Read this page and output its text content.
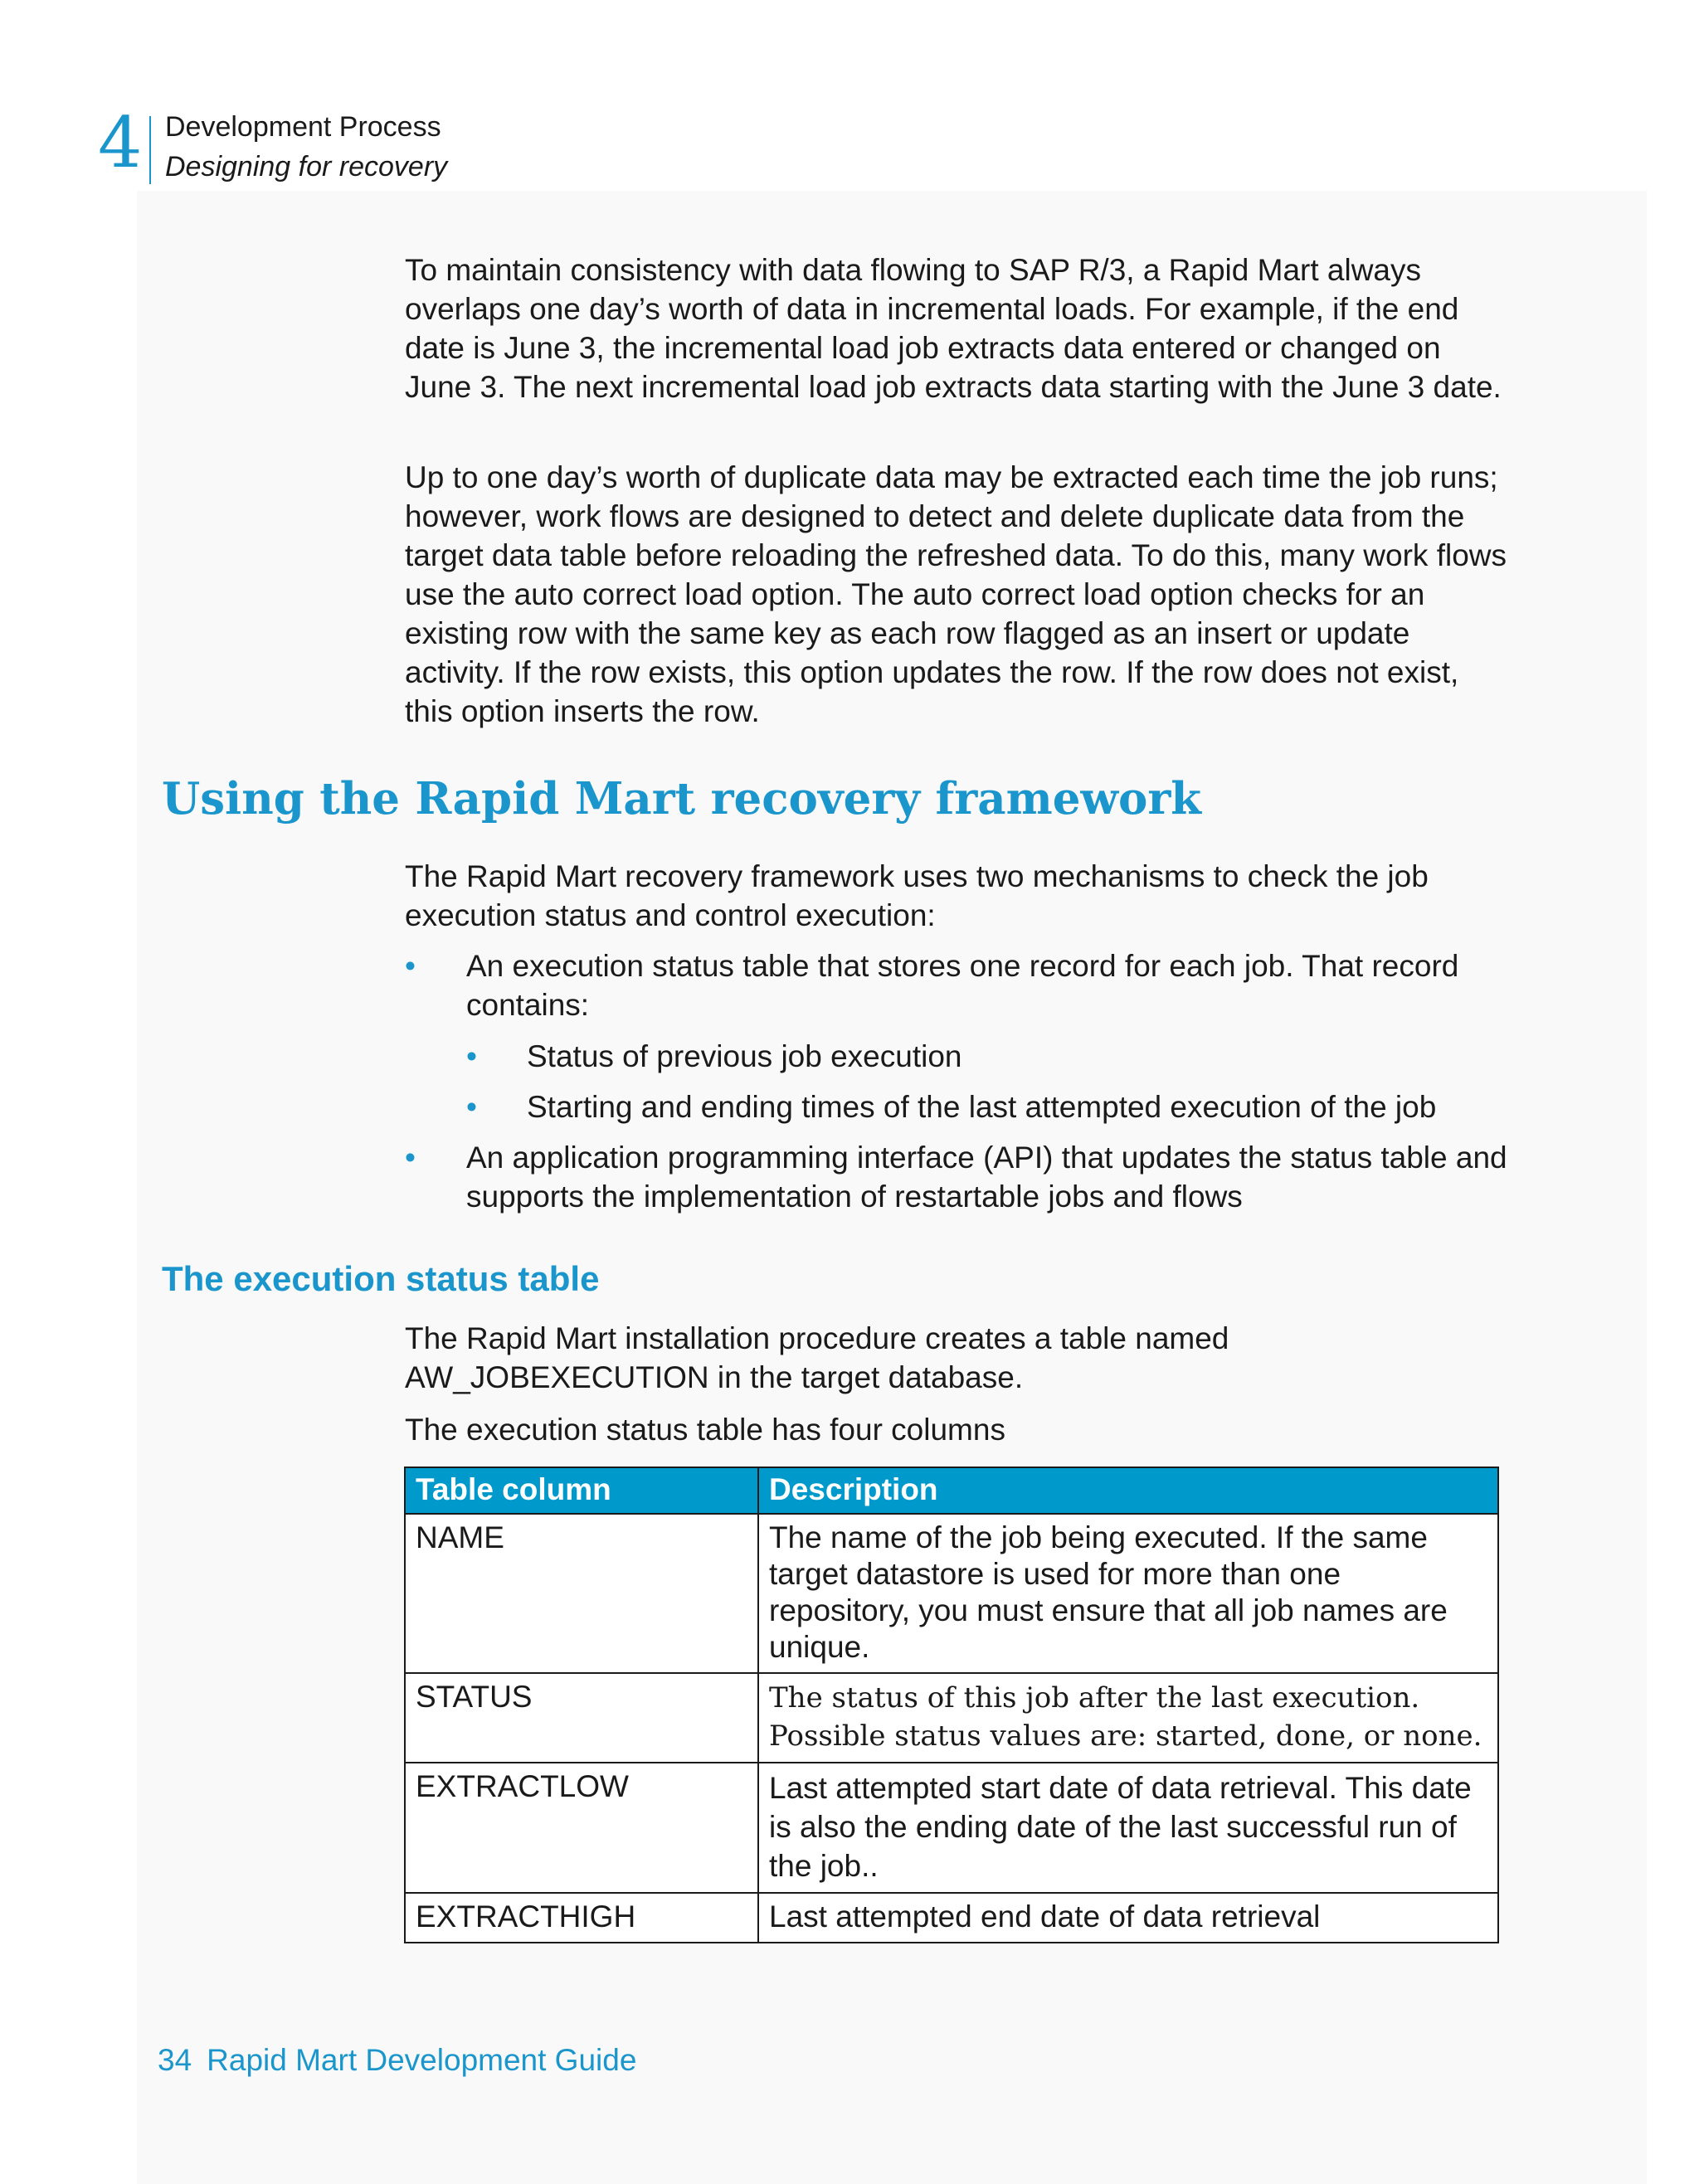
4 Development Process
Designing for recovery

To maintain consistency with data flowing to SAP R/3, a Rapid Mart always overlaps one day’s worth of data in incremental loads. For example, if the end date is June 3, the incremental load job extracts data entered or changed on June 3. The next incremental load job extracts data starting with the June 3 date.

Up to one day’s worth of duplicate data may be extracted each time the job runs; however, work flows are designed to detect and delete duplicate data from the target data table before reloading the refreshed data. To do this, many work flows use the auto correct load option. The auto correct load option checks for an existing row with the same key as each row flagged as an insert or update activity. If the row exists, this option updates the row. If the row does not exist, this option inserts the row.

Using the Rapid Mart recovery framework

The Rapid Mart recovery framework uses two mechanisms to check the job execution status and control execution:

• An execution status table that stores one record for each job. That record contains:
• Status of previous job execution
• Starting and ending times of the last attempted execution of the job
• An application programming interface (API) that updates the status table and supports the implementation of restartable jobs and flows
The execution status table

The Rapid Mart installation procedure creates a table named AW_JOBEXECUTION in the target database.

The execution status table has four columns

Table column	Description
NAME	The name of the job being executed. If the same target datastore is used for more than one repository, you must ensure that all job names are unique.
STATUS	The status of this job after the last execution. Possible status values are: started, done, or none.
EXTRACTLOW	Last attempted start date of data retrieval. This date is also the ending date of the last successful run of the job..
EXTRACTHIGH	Last attempted end date of data retrieval
34 Rapid Mart Development Guide
